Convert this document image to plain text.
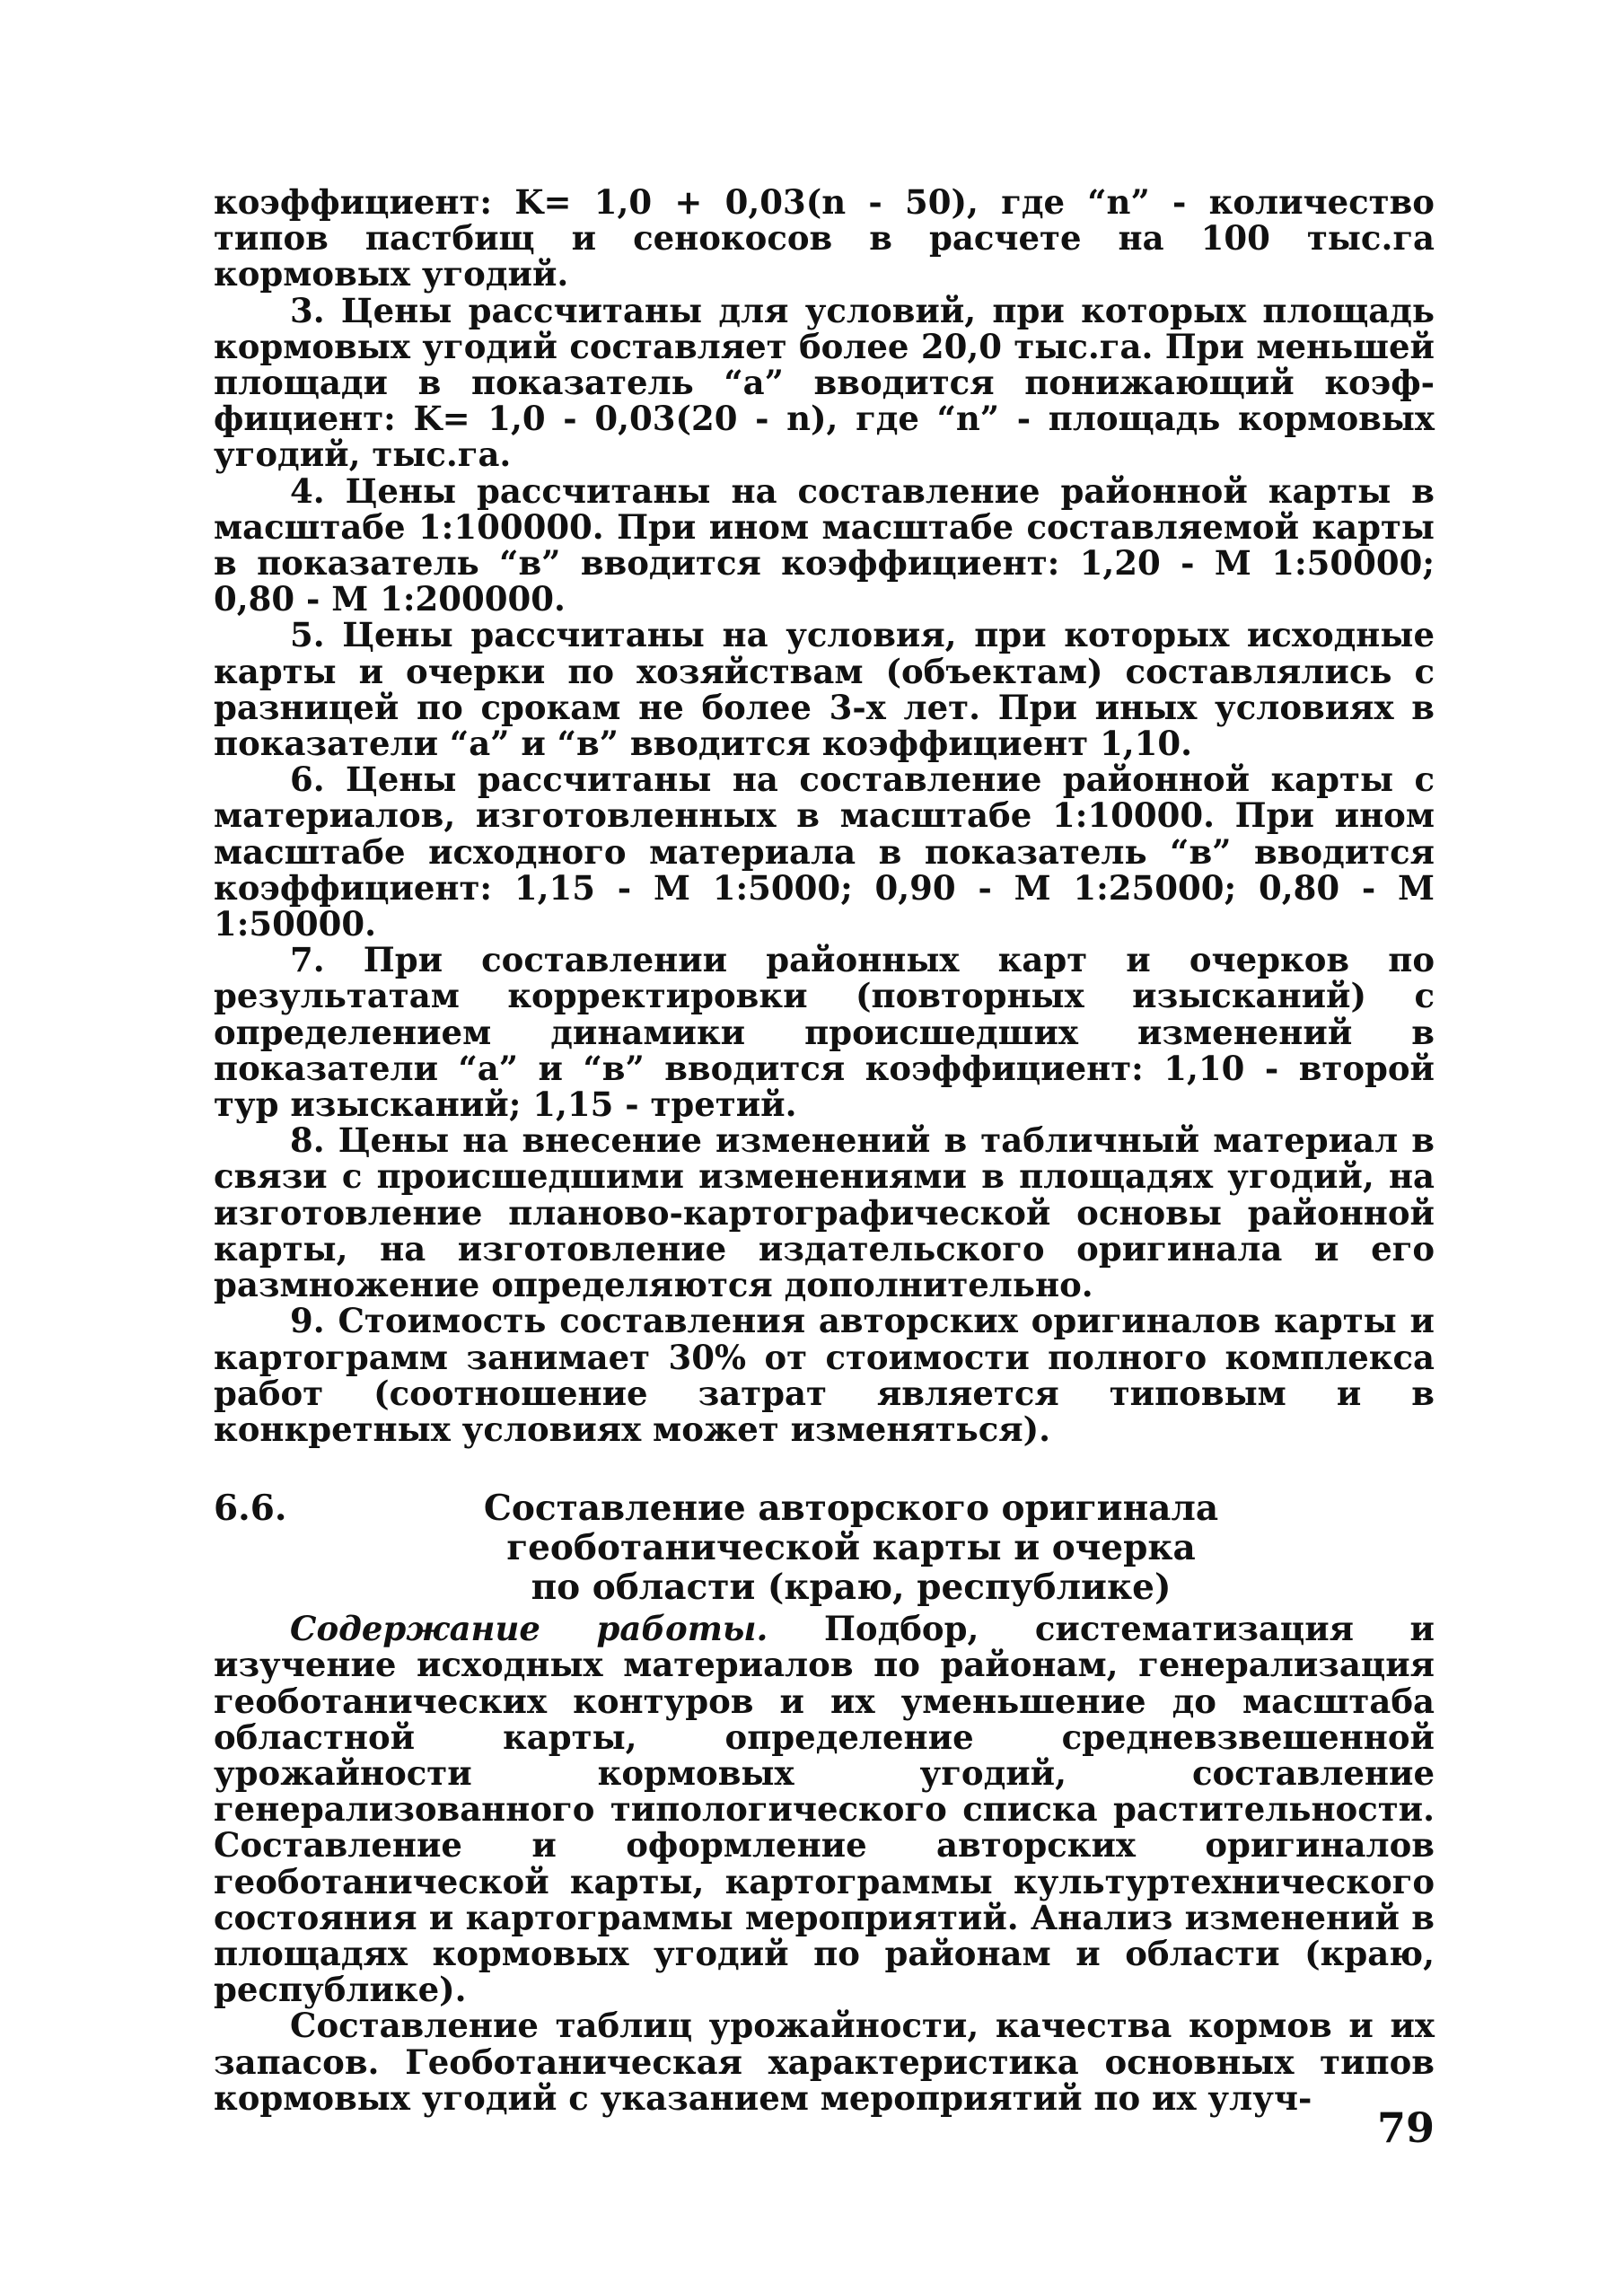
коэффициент: K= 1,0 + 0,03(n - 50), где “n” - количество типов пастбищ и сенокосов в расчете на 100 тыс.га кормовых угодий.

3. Цены рассчитаны для условий, при которых площадь кормовых угодий составляет более 20,0 тыс.га. При меньшей площади в показатель “а” вводится понижающий коэффициент: K= 1,0 - 0,03(20 - n), где “n” - площадь кормовых угодий, тыс.га.

4. Цены рассчитаны на составление районной карты в масштабе 1:100000. При ином масштабе составляемой карты в показатель “в” вводится коэффициент: 1,20 - М 1:50000; 0,80 - М 1:200000.

5. Цены рассчитаны на условия, при которых исходные карты и очерки по хозяйствам (объектам) составлялись с разницей по срокам не более 3-х лет. При иных условиях в показатели “а” и “в” вводится коэффициент 1,10.

6. Цены рассчитаны на составление районной карты с материалов, изготовленных в масштабе 1:10000. При ином масштабе исходного материала в показатель “в” вводится коэффициент: 1,15 - М 1:5000; 0,90 - М 1:25000; 0,80 - М 1:50000.

7. При составлении районных карт и очерков по результатам корректировки (повторных изысканий) с определением динамики происшедших изменений в показатели “а” и “в” вводится коэффициент: 1,10 - второй тур изысканий; 1,15 - третий.

8. Цены на внесение изменений в табличный материал в связи с происшедшими изменениями в площадях угодий, на изготовление планово-картографической основы районной карты, на изготовление издательского оригинала и его размножение определяются дополнительно.

9. Стоимость составления авторских оригиналов карты и картограмм занимает 30% от стоимости полного комплекса работ (соотношение затрат является типовым и в конкретных условиях может изменяться).

6.6.	Составление авторского оригинала
геоботанической карты и очерка
по области (краю, республике)

Содержание работы. Подбор, систематизация и изучение исходных материалов по районам, генерализация геоботанических контуров и их уменьшение до масштаба областной карты, определение средневзвешенной урожайности кормовых угодий, составление генерализованного типологического списка растительности. Составление и оформление авторских оригиналов геоботанической карты, картограммы культуртехнического состояния и картограммы мероприятий. Анализ изменений в площадях кормовых угодий по районам и области (краю, республике).

Составление таблиц урожайности, качества кормов и их запасов. Геоботаническая характеристика основных типов кормовых угодий с указанием мероприятий по их улуч-

79
